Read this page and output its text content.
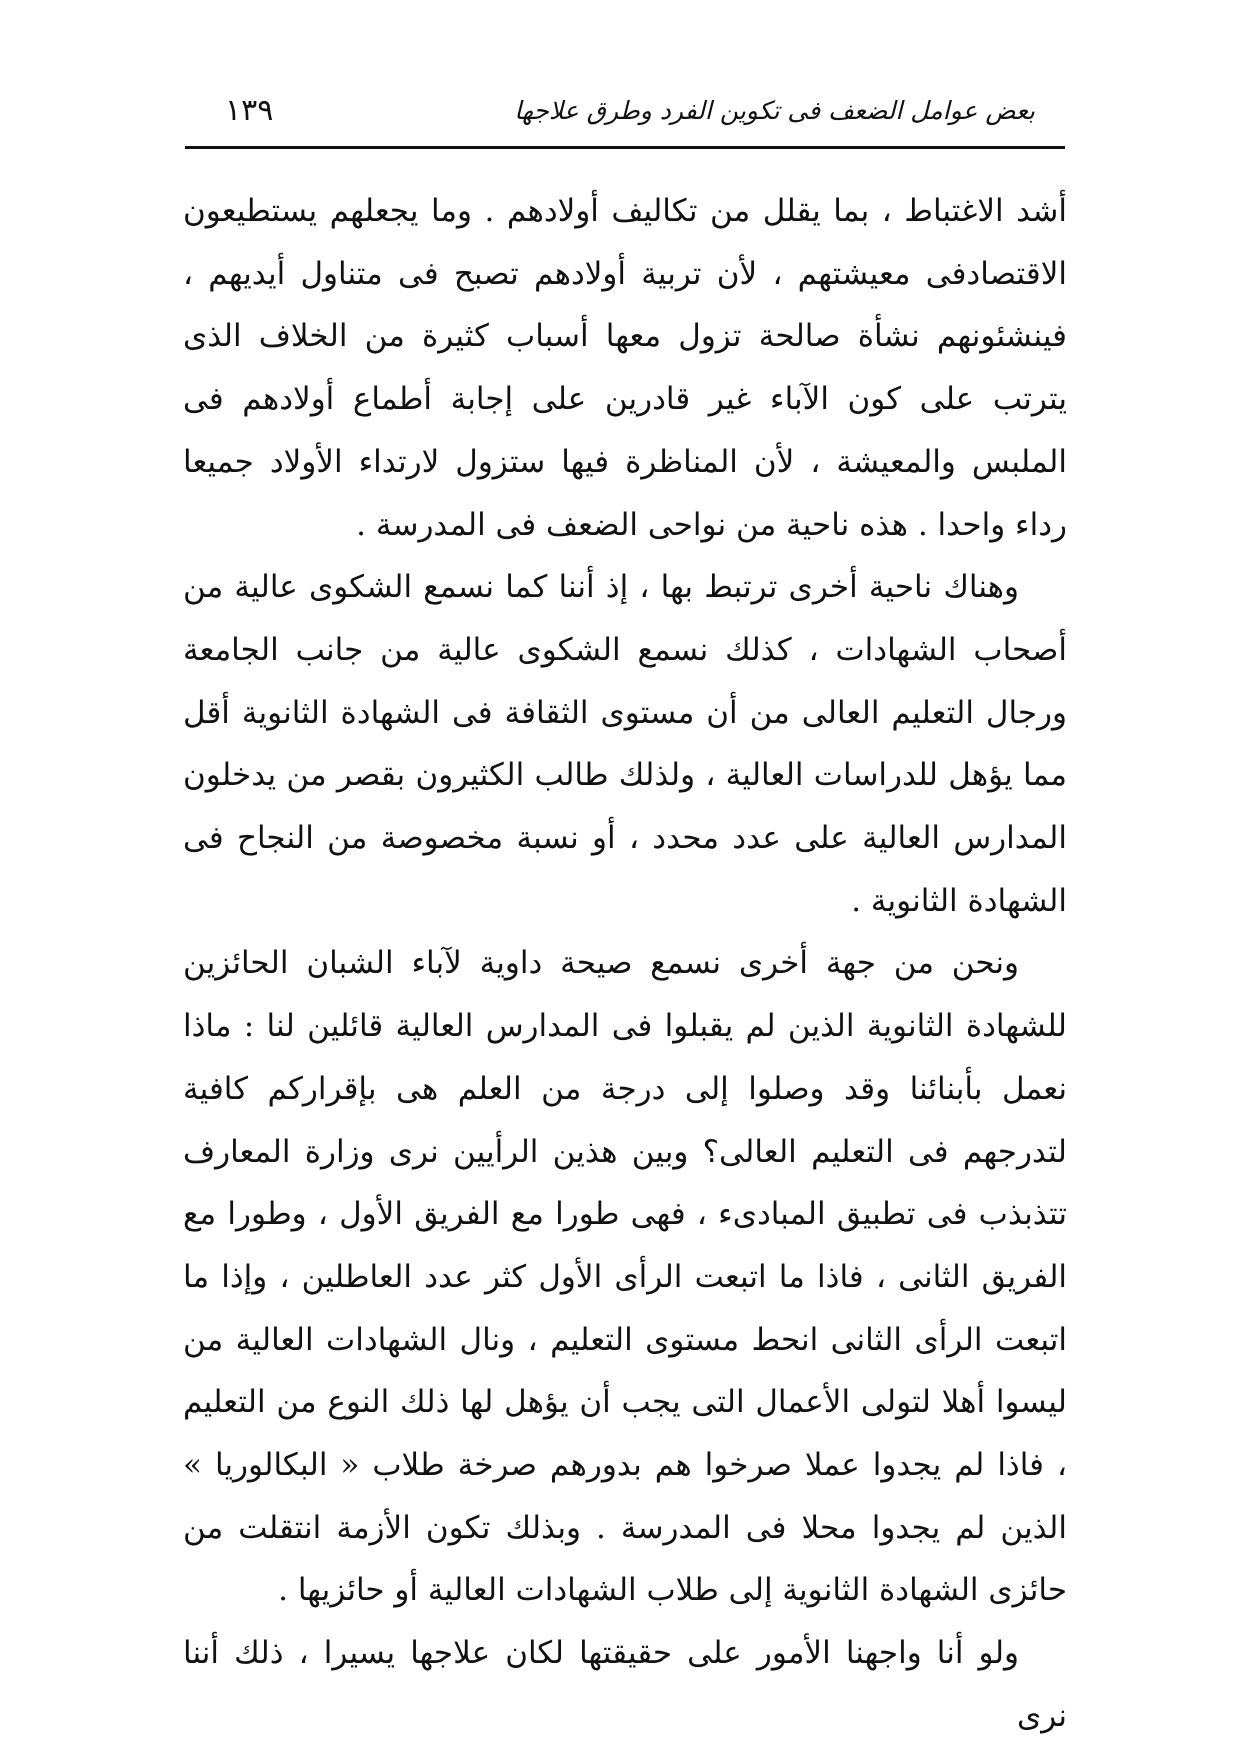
بعض عوامل الضعف فى تكوين الفرد وطرق علاجها
١٣٩

أشد الاغتباط ، بما يقلل من تكاليف أولادهم . وما يجعلهم يستطيعون الاقتصادفى معيشتهم ، لأن تربية أولادهم تصبح فى متناول أيديهم ، فينشئونهم نشأة صالحة تزول معها أسباب كثيرة من الخلاف الذى يترتب على كون الآباء غير قادرين على إجابة أطماع أولادهم فى الملبس والمعيشة ، لأن المناظرة فيها ستزول لارتداء الأولاد جميعا رداء واحدا . هذه ناحية من نواحى الضعف فى المدرسة .

وهناك ناحية أخرى ترتبط بها ، إذ أننا كما نسمع الشكوى عالية من أصحاب الشهادات ، كذلك نسمع الشكوى عالية من جانب الجامعة ورجال التعليم العالى من أن مستوى الثقافة فى الشهادة الثانوية أقل مما يؤهل للدراسات العالية ، ولذلك طالب الكثيرون بقصر من يدخلون المدارس العالية على عدد محدد ، أو نسبة مخصوصة من النجاح فى الشهادة الثانوية .

ونحن من جهة أخرى نسمع صيحة داوية لآباء الشبان الحائزين للشهادة الثانوية الذين لم يقبلوا فى المدارس العالية قائلين لنا : ماذا نعمل بأبنائنا وقد وصلوا إلى درجة من العلم هى بإقراركم كافية لتدرجهم فى التعليم العالى؟ وبين هذين الرأيين نرى وزارة المعارف تتذبذب فى تطبيق المبادىء ، فهى طورا مع الفريق الأول ، وطورا مع الفريق الثانى ، فاذا ما اتبعت الرأى الأول كثر عدد العاطلين ، وإذا ما اتبعت الرأى الثانى انحط مستوى التعليم ، ونال الشهادات العالية من ليسوا أهلا لتولى الأعمال التى يجب أن يؤهل لها ذلك النوع من التعليم ، فاذا لم يجدوا عملا صرخوا هم بدورهم صرخة طلاب « البكالوريا » الذين لم يجدوا محلا فى المدرسة . وبذلك تكون الأزمة انتقلت من حائزى الشهادة الثانوية إلى طلاب الشهادات العالية أو حائزيها .

ولو أنا واجهنا الأمور على حقيقتها لكان علاجها يسيرا ، ذلك أننا نرى
